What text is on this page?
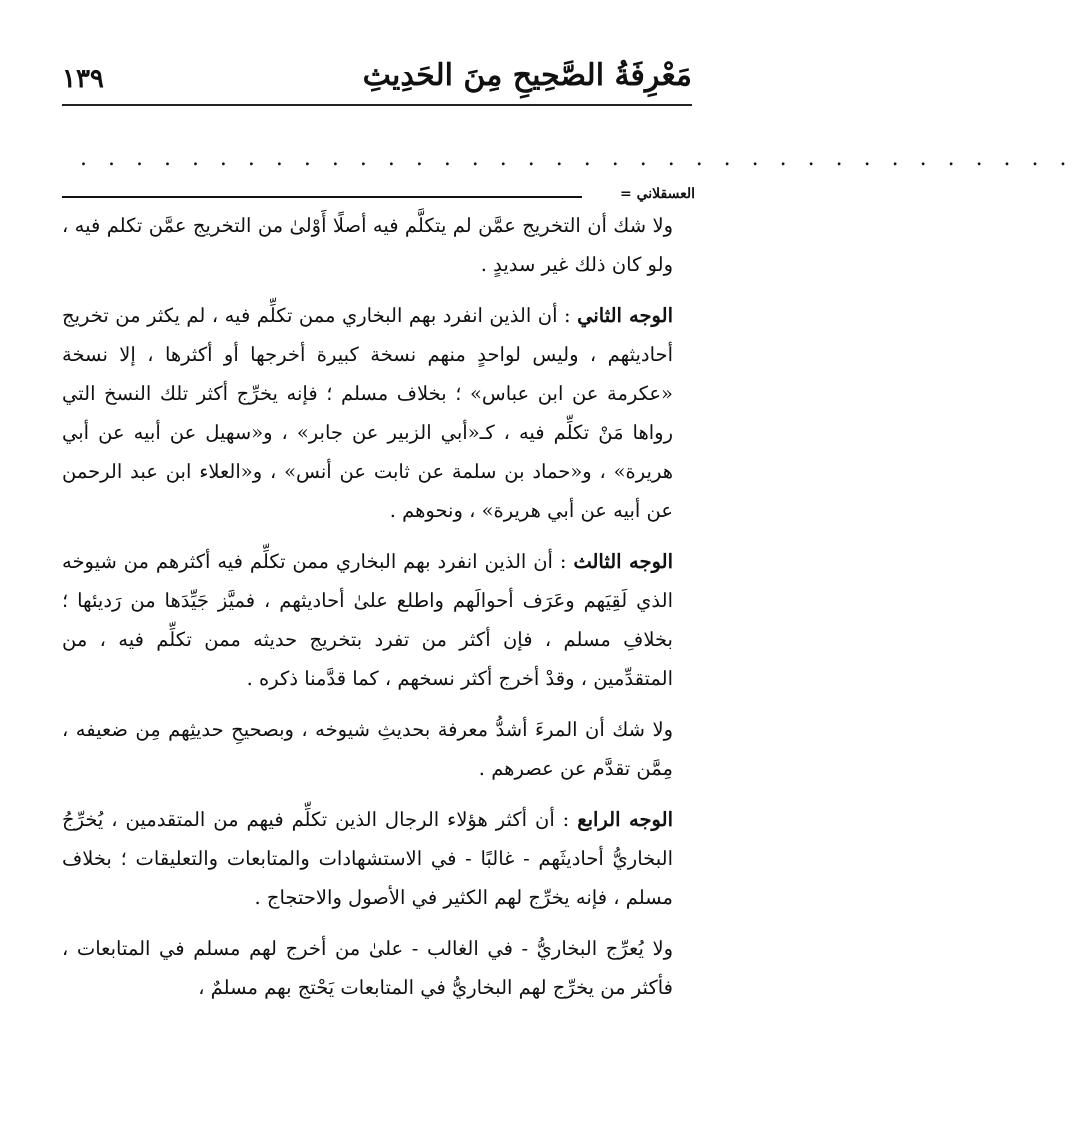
مَعْرِفَةُ الصَّحِيحِ مِنَ الحَدِيثِ
١٣٩
. . . . . . . . . . . . . . . . . . . . . . . . . . . . . . . . . . . .
العسقلاني =

ولا شك أن التخريج عمَّن لم يتكلَّم فيه أصلًا أَوْلىٰ من التخريج عمَّن تكلم فيه ، ولو كان ذلك غير سديدٍ .

الوجه الثاني : أن الذين انفرد بهم البخاري ممن تكلِّم فيه ، لم يكثر من تخريج أحاديثهم ، وليس لواحدٍ منهم نسخة كبيرة أخرجها أو أكثرها ، إلا نسخة «عكرمة عن ابن عباس» ؛ بخلاف مسلم ؛ فإنه يخرِّج أكثر تلك النسخ التي رواها مَنْ تكلِّم فيه ، كـ«أبي الزبير عن جابر» ، و«سهيل عن أبيه عن أبي هريرة» ، و«حماد بن سلمة عن ثابت عن أنس» ، و«العلاء ابن عبد الرحمن عن أبيه عن أبي هريرة» ، ونحوهم .

الوجه الثالث : أن الذين انفرد بهم البخاري ممن تكلِّم فيه أكثرهم من شيوخه الذي لَقِيَهم وعَرَف أحوالَهم واطلع علىٰ أحاديثهم ، فميَّز جَيِّدَها من رَديئها ؛ بخلافِ مسلم ، فإن أكثر من تفرد بتخريج حديثه ممن تكلِّم فيه ، من المتقدِّمين ، وقدْ أخرج أكثر نسخهم ، كما قدَّمنا ذكره .

ولا شك أن المرءَ أشدُّ معرفة بحديثِ شيوخه ، وبصحيحِ حديثِهم مِن ضعيفه ، مِمَّن تقدَّم عن عصرهم .

الوجه الرابع : أن أكثر هؤلاء الرجال الذين تكلِّم فيهم من المتقدمين ، يُخرِّجُ البخاريُّ أحاديثَهم - غالبًا - في الاستشهادات والمتابعات والتعليقات ؛ بخلاف مسلم ، فإنه يخرِّج لهم الكثير في الأصول والاحتجاج .

ولا يُعرِّج البخاريُّ - في الغالب - علىٰ من أخرج لهم مسلم في المتابعات ، فأكثر من يخرِّج لهم البخاريُّ في المتابعات يَحْتج بهم مسلمٌ ،
